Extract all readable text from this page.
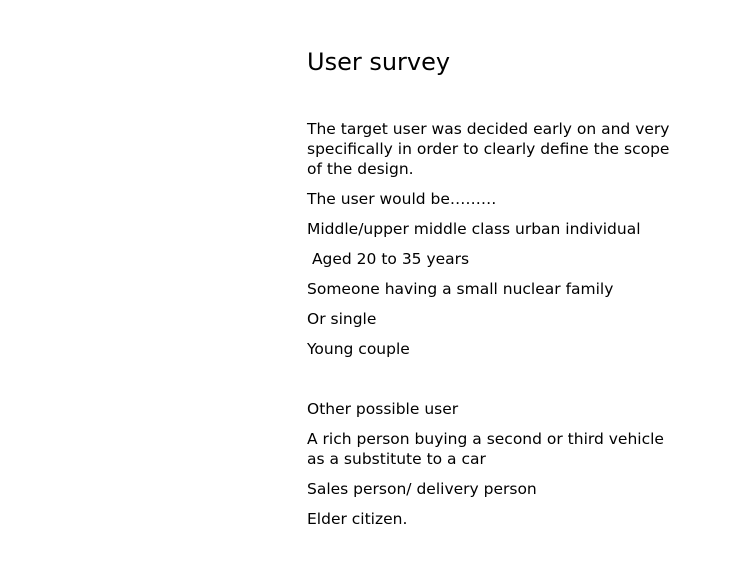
User survey

The target user was decided early on and very specifically in order to clearly define the scope of the design.

The user would be………

Middle/upper middle class urban individual

Aged 20 to 35 years

Someone having a small nuclear family

Or single

Young couple

Other possible user

A rich person buying a second or third vehicle as a substitute to a car

Sales person/ delivery person

Elder citizen.
